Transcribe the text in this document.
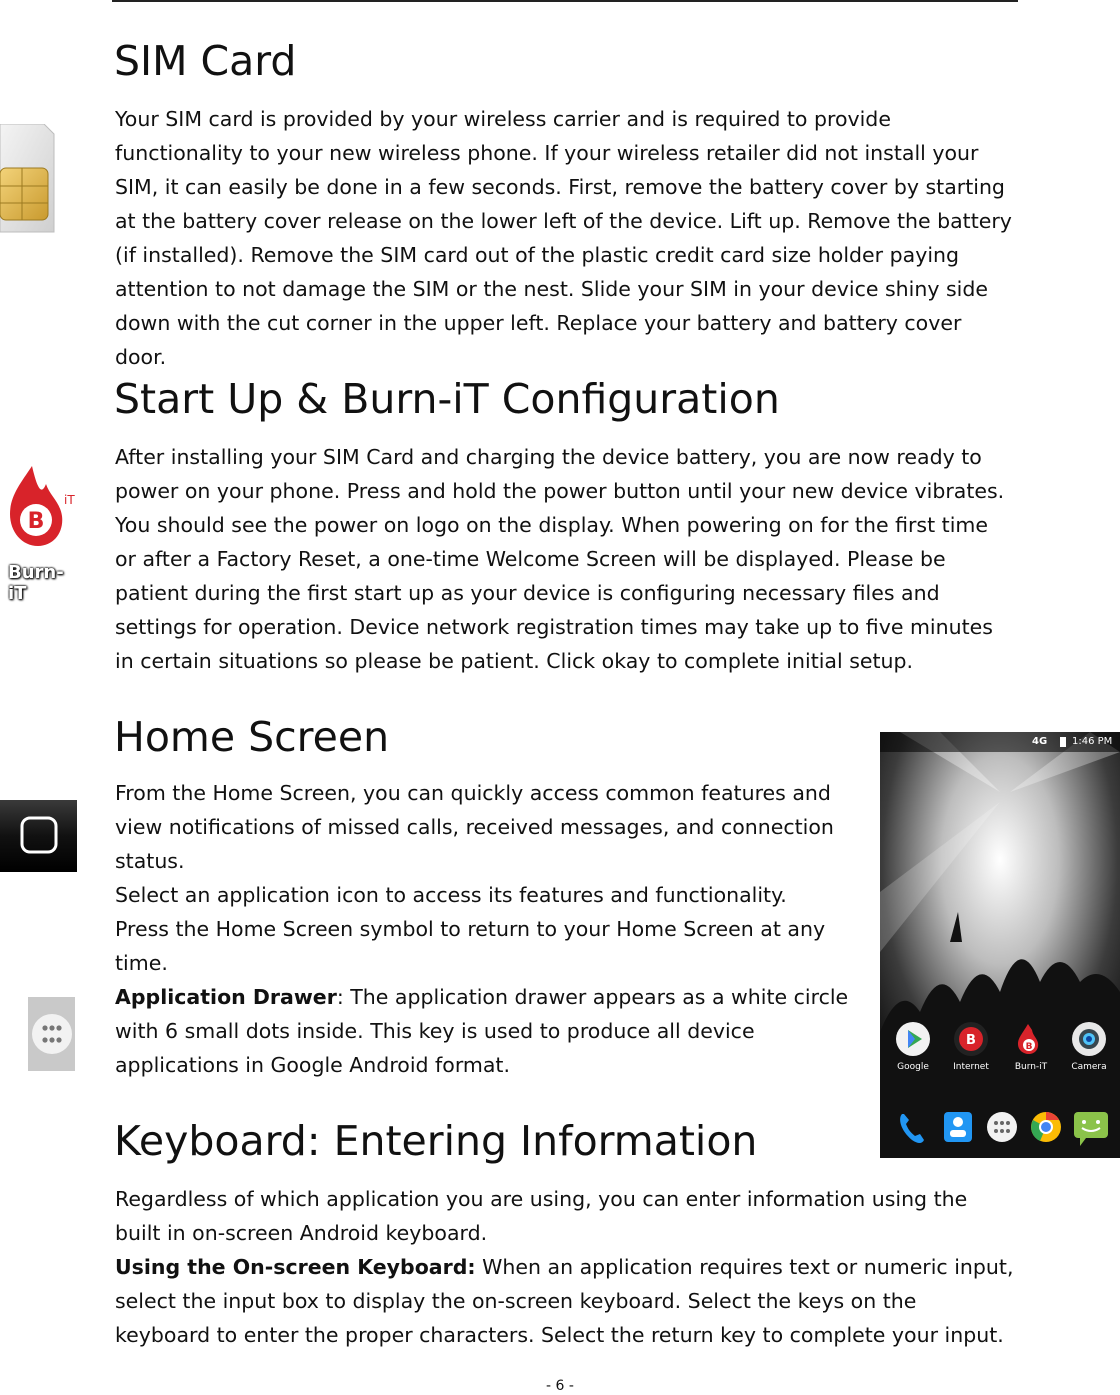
SIM Card

Your SIM card is provided by your wireless carrier and is required to provide functionality to your new wireless phone. If your wireless retailer did not install your SIM, it can easily be done in a few seconds. First, remove the battery cover by starting at the battery cover release on the lower left of the device. Lift up. Remove the battery (if installed). Remove the SIM card out of the plastic credit card size holder paying attention to not damage the SIM or the nest. Slide your SIM in your device shiny side down with the cut corner in the upper left. Replace your battery and battery cover door.

B
iT
Burn-iT
Start Up & Burn-iT Configuration

After installing your SIM Card and charging the device battery, you are now ready to power on your phone. Press and hold the power button until your new device vibrates. You should see the power on logo on the display. When powering on for the first time or after a Factory Reset, a one-time Welcome Screen will be displayed. Please be patient during the first start up as your device is configuring necessary files and settings for operation. Device network registration times may take up to five minutes in certain situations so please be patient. Click okay to complete initial setup.

Home Screen

From the Home Screen, you can quickly access common features and view notifications of missed calls, received messages, and connection status.

Select an application icon to access its features and functionality. Press the Home Screen symbol to return to your Home Screen at any time.

Application Drawer: The application drawer appears as a white circle with 6 small dots inside. This key is used to produce all device applications in Google Android format.

4G 1:46 PM
Google
B
Internet
B
Burn-iT	Camera
Keyboard: Entering Information

Regardless of which application you are using, you can enter information using the built in on-screen Android keyboard.

Using the On-screen Keyboard: When an application requires text or numeric input, select the input box to display the on-screen keyboard. Select the keys on the keyboard to enter the proper characters. Select the return key to complete your input.

- 6 -
